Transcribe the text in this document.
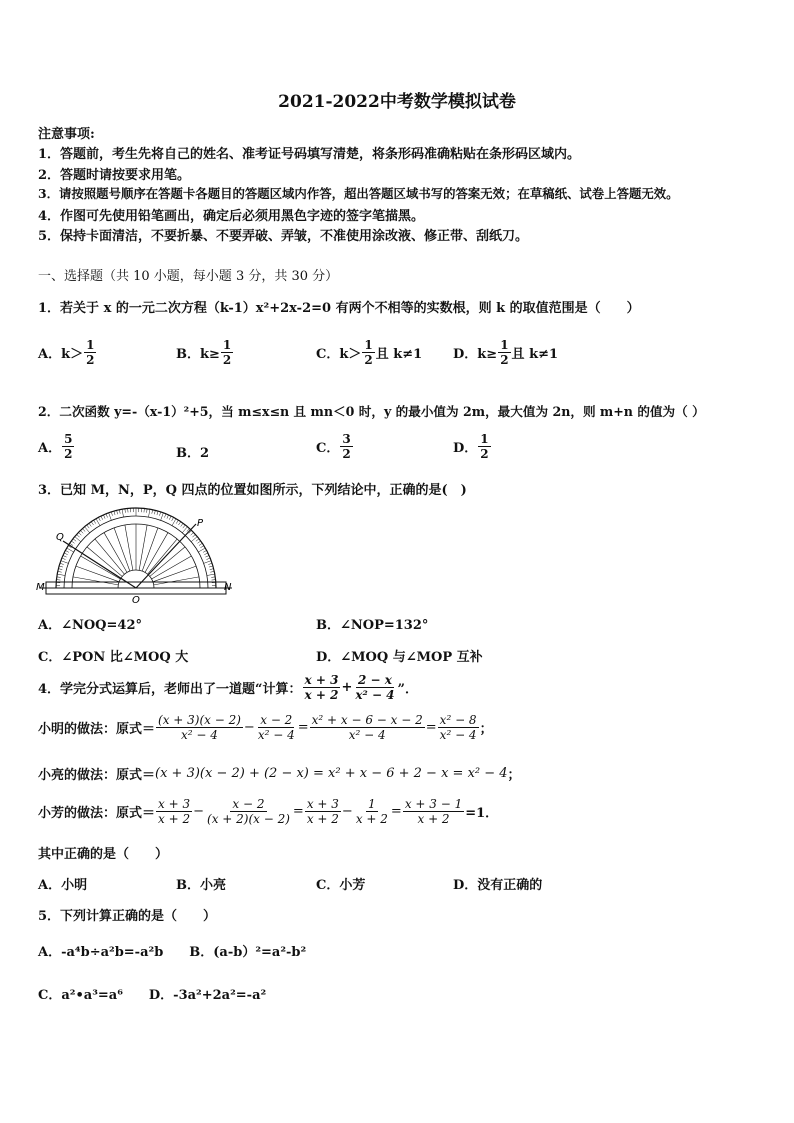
2021-2022中考数学模拟试卷
注意事项:
1．答题前，考生先将自己的姓名、准考证号码填写清楚，将条形码准确粘贴在条形码区域内。
2．答题时请按要求用笔。
3．请按照题号顺序在答题卡各题目的答题区域内作答，超出答题区域书写的答案无效；在草稿纸、试卷上答题无效。
4．作图可先使用铅笔画出，确定后必须用黑色字迹的签字笔描黑。
5．保持卡面清洁，不要折暴、不要弄破、弄皱，不准使用涂改液、修正带、刮纸刀。
一、选择题（共 10 小题，每小题 3 分，共 30 分）
1．若关于 x 的一元二次方程（k-1）x²+2x-2=0 有两个不相等的实数根，则 k 的取值范围是（　　）
A．$k> \frac{1}{2}$	B．$k\ge \frac{1}{2}$	C．$k> \frac{1}{2}$ 且 k≠1 D．$k\ge \frac{1}{2}$ 且 k≠1
2．二次函数 y=-（x-1）²+5，当 m≤x≤n 且 mn＜0 时，y 的最小值为 2m，最大值为 2n，则 m+n 的值为（ ）
A． $\frac{5}{2}$	B．2	C． $\frac{3}{2}$	D． $\frac{1}{2}$
3．已知 M，N，P，Q 四点的位置如图所示，下列结论中，正确的是(　)
Q
P
M	N
O
A．∠NOQ=42°	B．∠NOP=132°
C．∠PON 比∠MOQ 大	D．∠MOQ 与∠MOP 互补
4．学完分式运算后，老师出了一道题“计算： $\frac{x + 3}{x + 2} + \frac{2 - x}{\text{x² − 4}}$ ”．
小明的做法：原式＝ $\frac{(x + 3)(x - 2)}{\text{x² − 4}} - \frac{x - 2}{\text{x² − 4}} = \frac{\text{x² + x − 6 − x − 2}}{\text{x² − 4}} = \frac{\text{x² − 8}}{\text{x² − 4}}$ ；
小亮的做法：原式＝ (x + 3)(x − 2) + (2 − x) = x² + x − 6 + 2 − x = x² − 4 ；
小芳的做法：原式＝ $\frac{x + 3}{x + 2} - \frac{x - 2}{(x + 2)(x - 2)} = \frac{x + 3}{x + 2} - \frac{1}{x + 2} = \frac{x + 3 - 1}{x + 2} =1$．
其中正确的是（　　）
A．小明	B．小亮	C．小芳	D．没有正确的
5．下列计算正确的是（　　）
A．-a⁴b÷a²b=-a²b　　B．(a-b）²=a²-b²
C．a²•a³=a⁶　　D．-3a²+2a²=-a²
